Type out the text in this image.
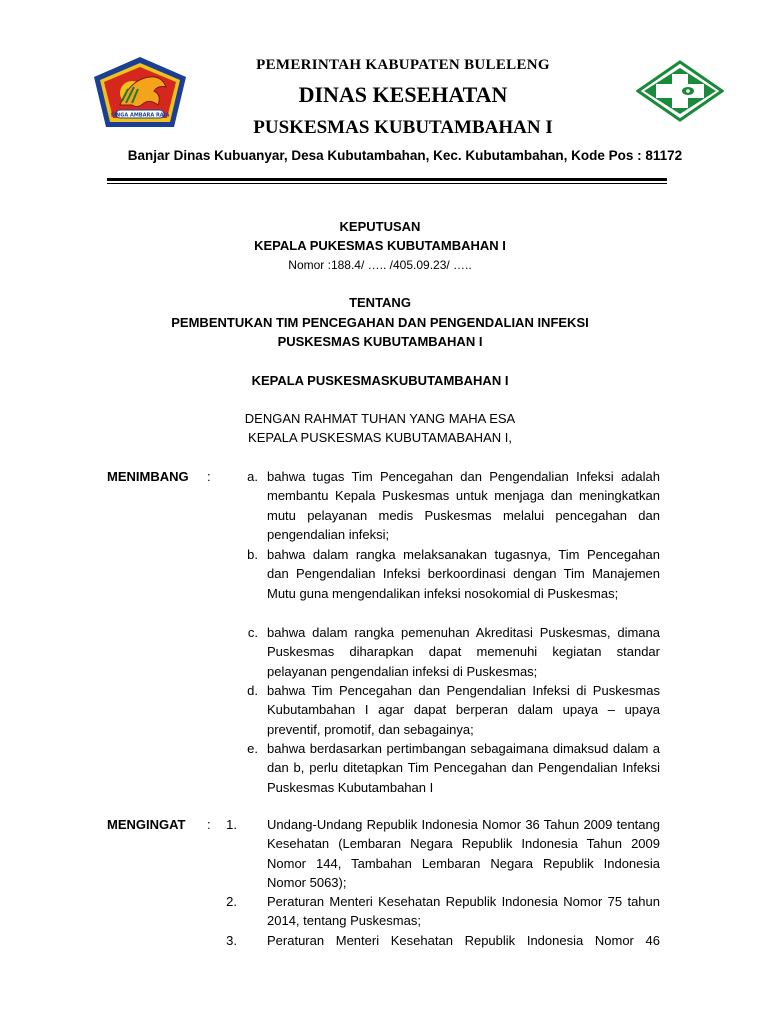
SINGA AMBARA RAJA
PEMERINTAH KABUPATEN BULELENG
DINAS KESEHATAN
PUSKESMAS KUBUTAMBAHAN I
Banjar Dinas Kubuanyar, Desa Kubutambahan, Kec. Kubutambahan, Kode Pos : 81172
KEPUTUSAN
KEPALA PUKESMAS KUBUTAMBAHAN I
Nomor :188.4/ ….. /405.09.23/ …..
TENTANG
PEMBENTUKAN TIM PENCEGAHAN DAN PENGENDALIAN INFEKSI
PUSKESMAS KUBUTAMBAHAN I
KEPALA PUSKESMASKUBUTAMBAHAN I
DENGAN RAHMAT TUHAN YANG MAHA ESA
KEPALA PUSKESMAS KUBUTAMABAHAN I,
MENIMBANG :	a. bahwa tugas Tim Pencegahan dan Pengendalian Infeksi adalah membantu Kepala Puskesmas untuk menjaga dan meningkatkan mutu pelayanan medis Puskesmas melalui pencegahan dan pengendalian infeksi;
b. bahwa dalam rangka melaksanakan tugasnya, Tim Pencegahan dan Pengendalian Infeksi berkoordinasi dengan Tim Manajemen Mutu guna mengendalikan infeksi nosokomial di Puskesmas;
c. bahwa dalam rangka pemenuhan Akreditasi Puskesmas, dimana Puskesmas diharapkan dapat memenuhi kegiatan standar pelayanan pengendalian infeksi di Puskesmas;
d. bahwa Tim Pencegahan dan Pengendalian Infeksi di Puskesmas Kubutambahan I agar dapat berperan dalam upaya – upaya preventif, promotif, dan sebagainya;
e. bahwa berdasarkan pertimbangan sebagaimana dimaksud dalam a dan b, perlu ditetapkan Tim Pencegahan dan Pengendalian Infeksi Puskesmas Kubutambahan I
MENGINGAT :	1. Undang-Undang Republik Indonesia Nomor 36 Tahun 2009 tentang Kesehatan (Lembaran Negara Republik Indonesia Tahun 2009 Nomor 144, Tambahan Lembaran Negara Republik Indonesia Nomor 5063);
2. Peraturan Menteri Kesehatan Republik Indonesia Nomor 75 tahun 2014, tentang Puskesmas;
3. Peraturan Menteri Kesehatan Republik Indonesia Nomor 46
